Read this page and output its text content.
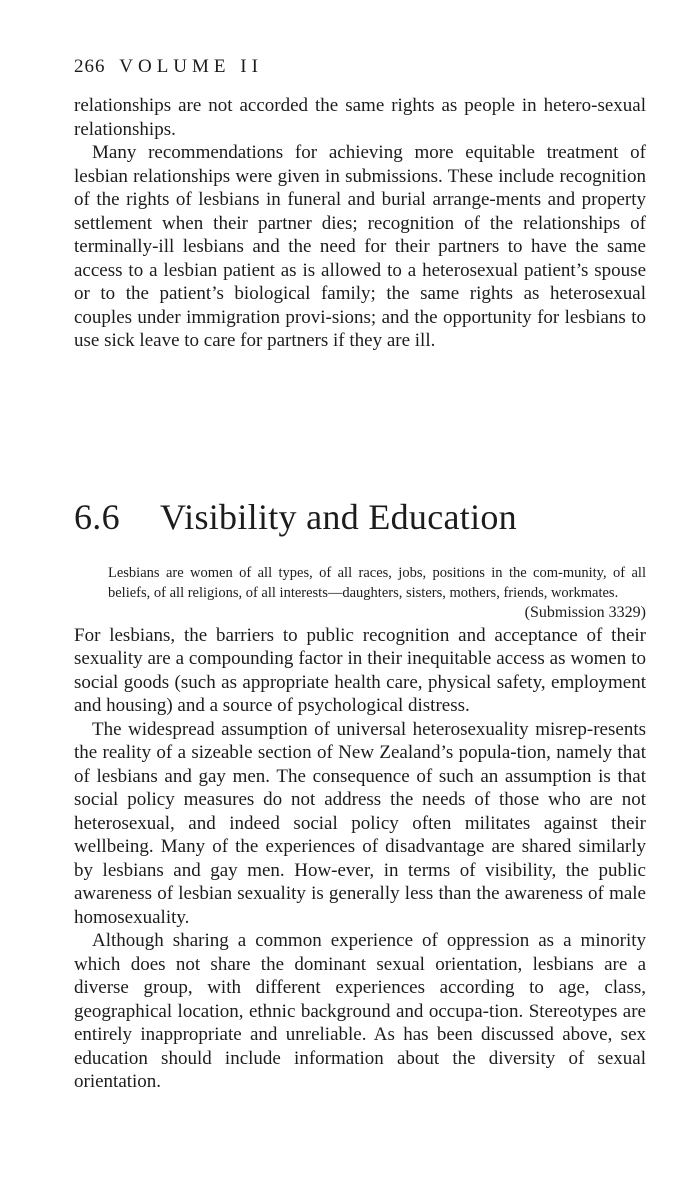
266 VOLUME II

relationships are not accorded the same rights as people in hetero-sexual relationships.

Many recommendations for achieving more equitable treatment of lesbian relationships were given in submissions. These include recognition of the rights of lesbians in funeral and burial arrange-ments and property settlement when their partner dies; recognition of the relationships of terminally-ill lesbians and the need for their partners to have the same access to a lesbian patient as is allowed to a heterosexual patient’s spouse or to the patient’s biological family; the same rights as heterosexual couples under immigration provi-sions; and the opportunity for lesbians to use sick leave to care for partners if they are ill.

6.6 Visibility and Education
Lesbians are women of all types, of all races, jobs, positions in the com-munity, of all beliefs, of all religions, of all interests—daughters, sisters, mothers, friends, workmates.
(Submission 3329)

For lesbians, the barriers to public recognition and acceptance of their sexuality are a compounding factor in their inequitable access as women to social goods (such as appropriate health care, physical safety, employment and housing) and a source of psychological distress.

The widespread assumption of universal heterosexuality misrep-resents the reality of a sizeable section of New Zealand’s popula-tion, namely that of lesbians and gay men. The consequence of such an assumption is that social policy measures do not address the needs of those who are not heterosexual, and indeed social policy often militates against their wellbeing. Many of the experiences of disadvantage are shared similarly by lesbians and gay men. How-ever, in terms of visibility, the public awareness of lesbian sexuality is generally less than the awareness of male homosexuality.

Although sharing a common experience of oppression as a minority which does not share the dominant sexual orientation, lesbians are a diverse group, with different experiences according to age, class, geographical location, ethnic background and occupa-tion. Stereotypes are entirely inappropriate and unreliable. As has been discussed above, sex education should include information about the diversity of sexual orientation.
